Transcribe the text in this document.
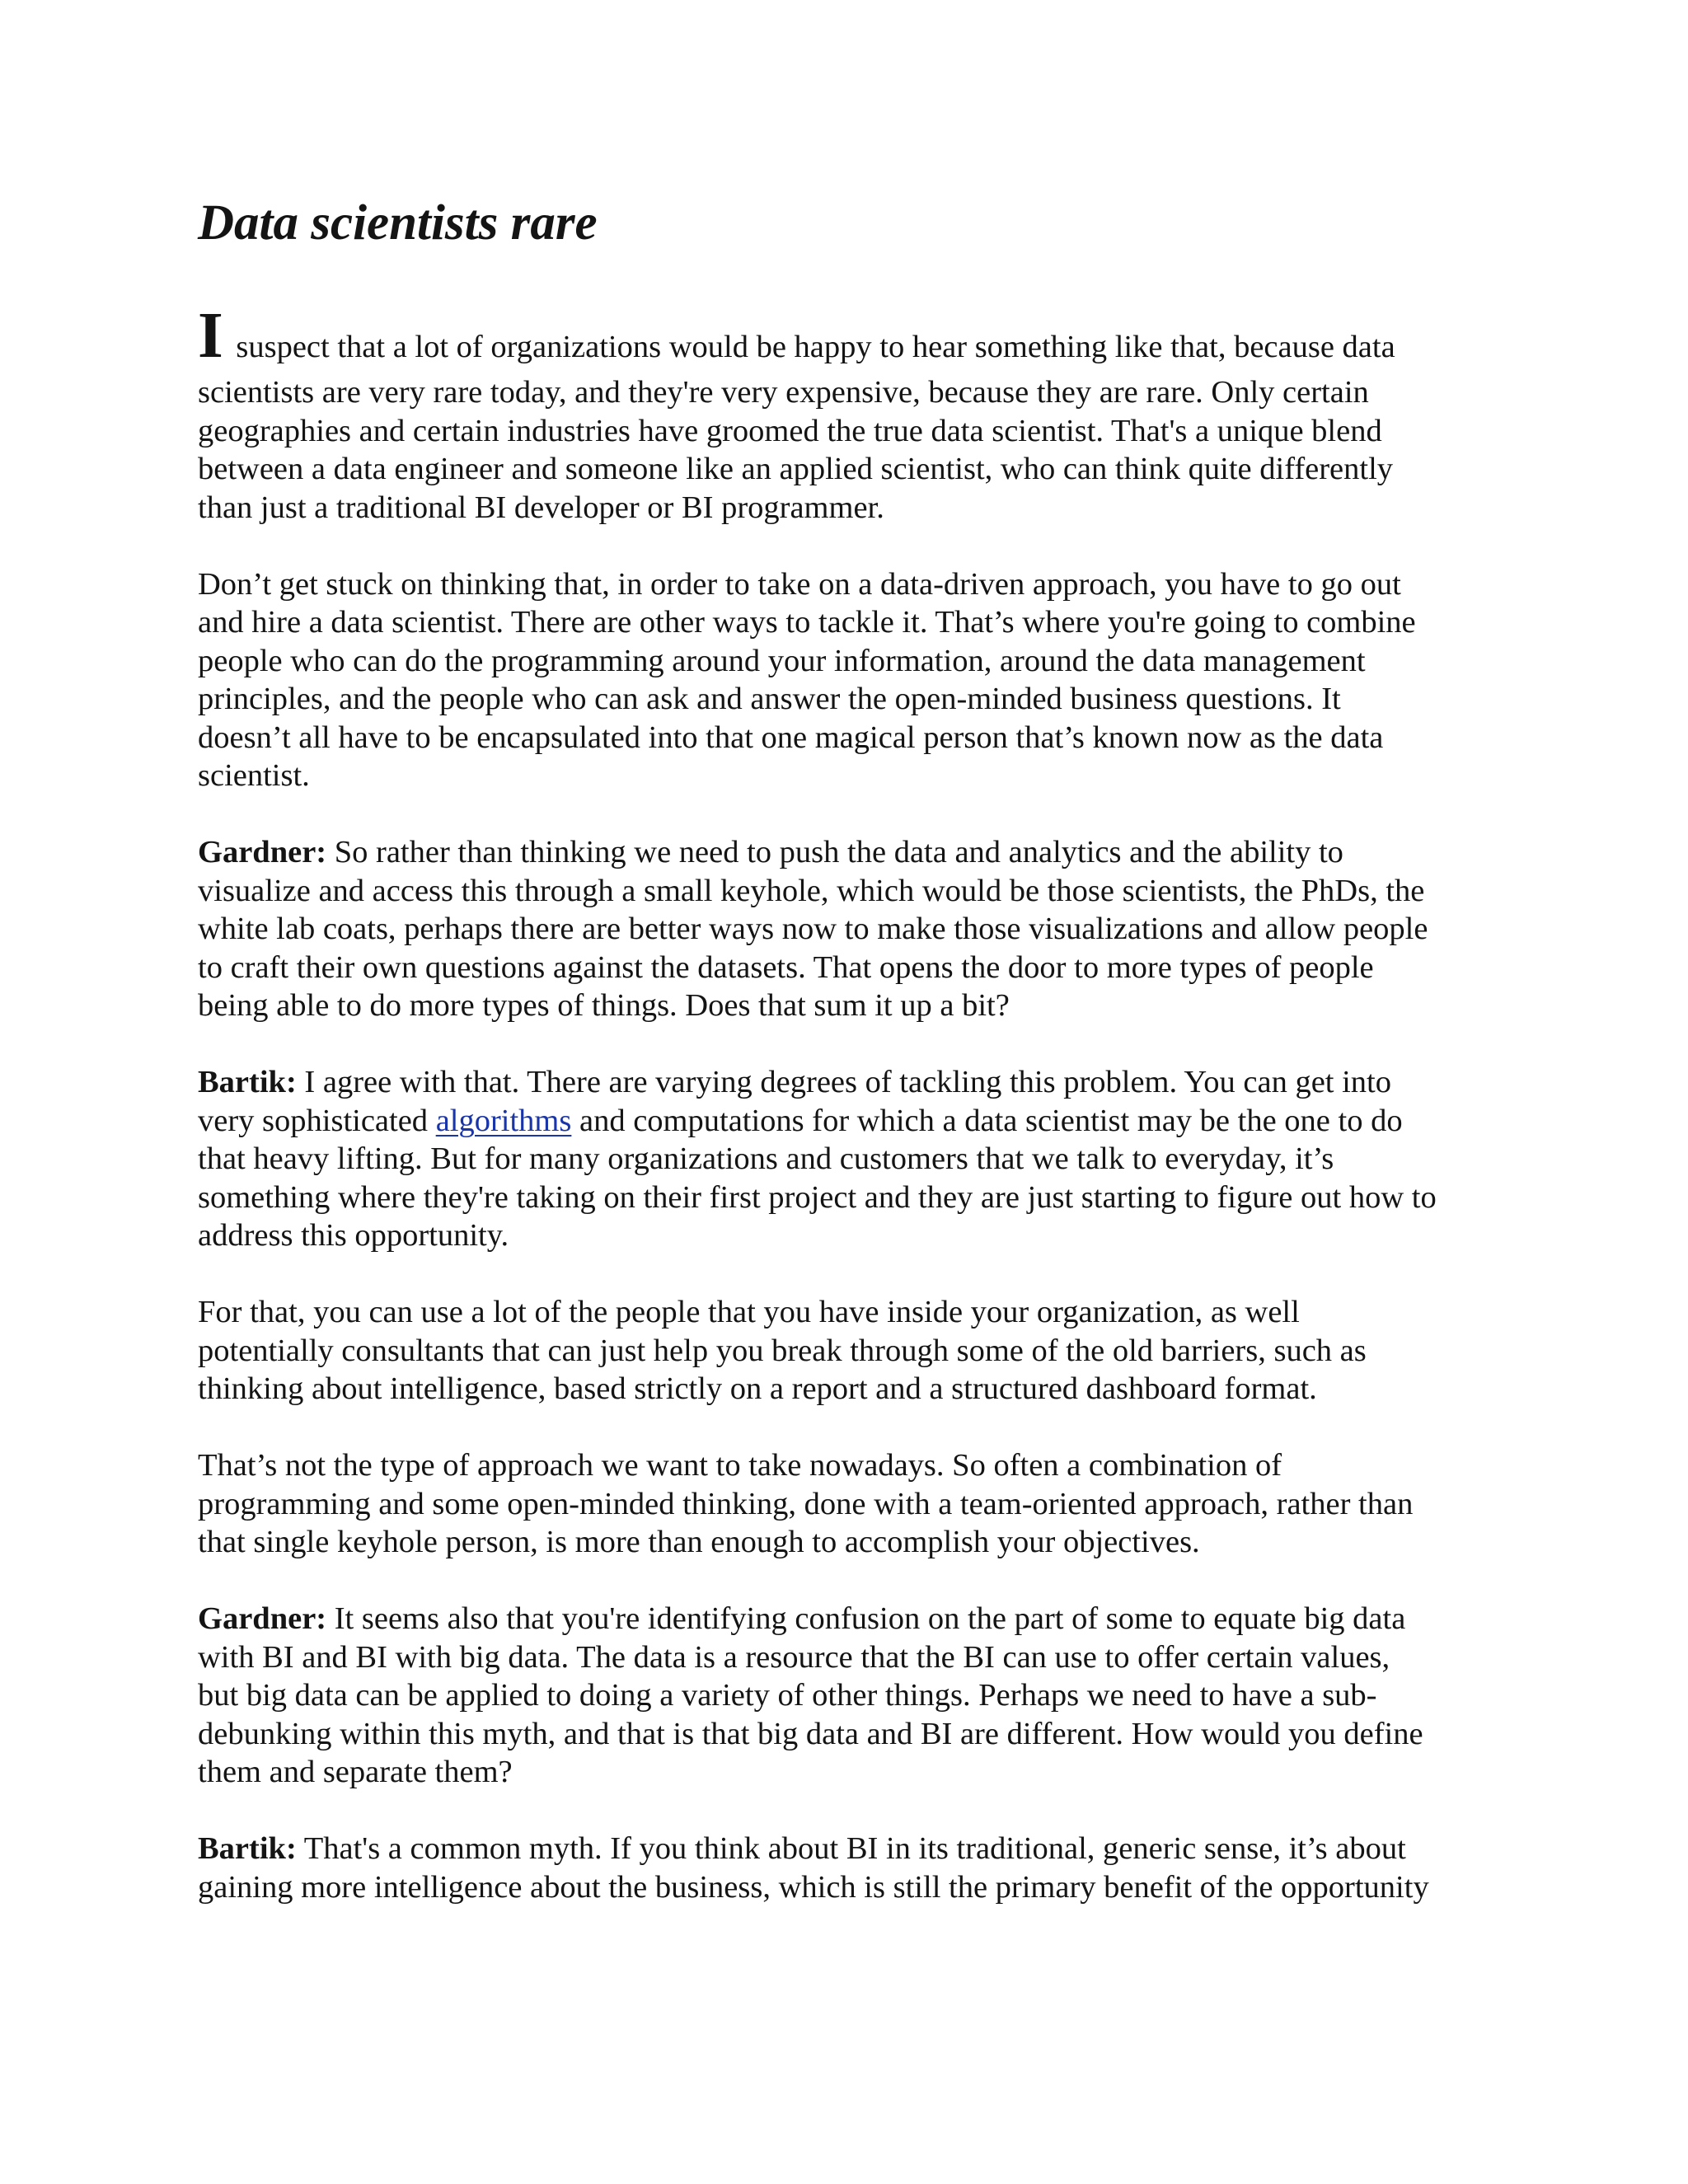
Data scientists rare
I suspect that a lot of organizations would be happy to hear something like that, because data
scientists are very rare today, and they're very expensive, because they are rare. Only certain
geographies and certain industries have groomed the true data scientist. That's a unique blend
between a data engineer and someone like an applied scientist, who can think quite differently
than just a traditional BI developer or BI programmer.
Don’t get stuck on thinking that, in order to take on a data-driven approach, you have to go out
and hire a data scientist. There are other ways to tackle it. That’s where you're going to combine
people who can do the programming around your information, around the data management
principles, and the people who can ask and answer the open-minded business questions. It
doesn’t all have to be encapsulated into that one magical person that’s known now as the data
scientist.
Gardner: So rather than thinking we need to push the data and analytics and the ability to
visualize and access this through a small keyhole, which would be those scientists, the PhDs, the
white lab coats, perhaps there are better ways now to make those visualizations and allow people
to craft their own questions against the datasets. That opens the door to more types of people
being able to do more types of things. Does that sum it up a bit?
Bartik: I agree with that. There are varying degrees of tackling this problem. You can get into
very sophisticated algorithms and computations for which a data scientist may be the one to do
that heavy lifting. But for many organizations and customers that we talk to everyday, it’s
something where they're taking on their first project and they are just starting to figure out how to
address this opportunity.
For that, you can use a lot of the people that you have inside your organization, as well
potentially consultants that can just help you break through some of the old barriers, such as
thinking about intelligence, based strictly on a report and a structured dashboard format.
That’s not the type of approach we want to take nowadays. So often a combination of
programming and some open-minded thinking, done with a team-oriented approach, rather than
that single keyhole person, is more than enough to accomplish your objectives.
Gardner: It seems also that you're identifying confusion on the part of some to equate big data
with BI and BI with big data. The data is a resource that the BI can use to offer certain values,
but big data can be applied to doing a variety of other things. Perhaps we need to have a sub-
debunking within this myth, and that is that big data and BI are different. How would you define
them and separate them?
Bartik: That's a common myth. If you think about BI in its traditional, generic sense, it’s about
gaining more intelligence about the business, which is still the primary benefit of the opportunity
